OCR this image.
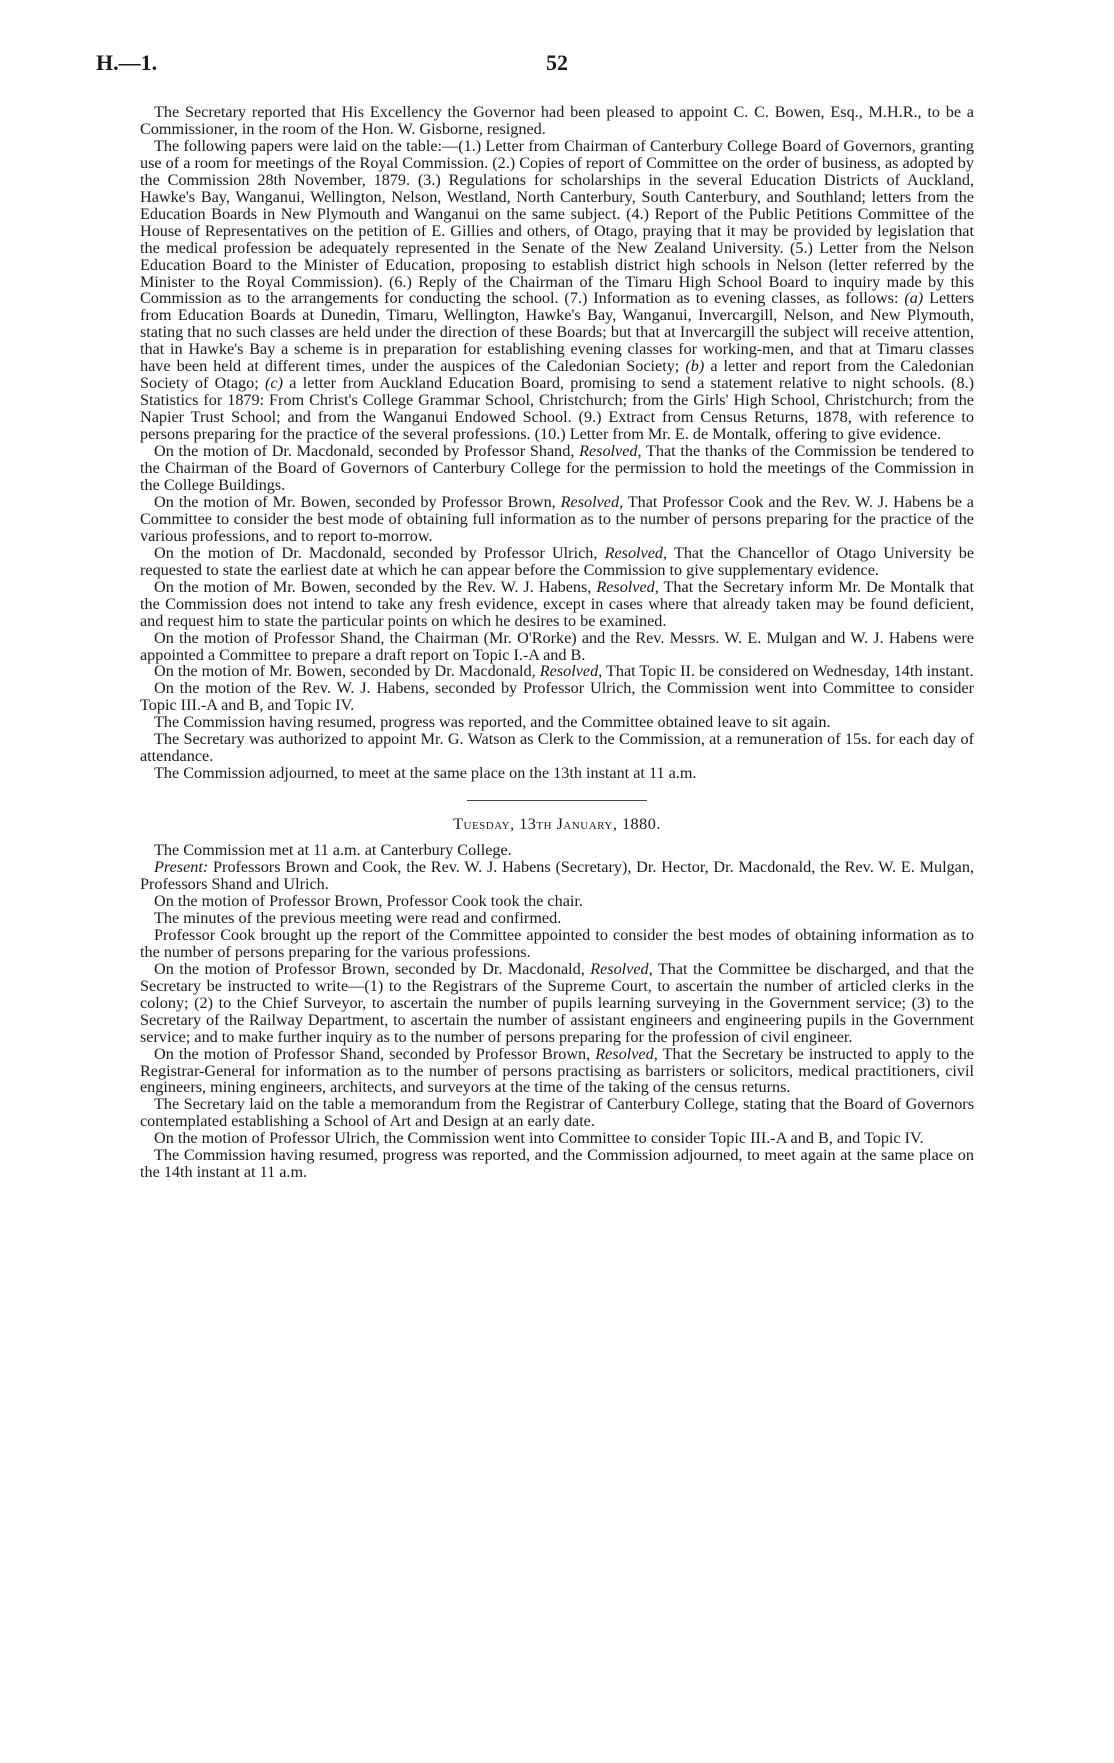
H.—1.	52

The Secretary reported that His Excellency the Governor had been pleased to appoint C. C. Bowen, Esq., M.H.R., to be a Commissioner, in the room of the Hon. W. Gisborne, resigned.

The following papers were laid on the table:—(1.) Letter from Chairman of Canterbury College Board of Governors, granting use of a room for meetings of the Royal Commission. (2.) Copies of report of Committee on the order of business, as adopted by the Commission 28th November, 1879. (3.) Regulations for scholarships in the several Education Districts of Auckland, Hawke's Bay, Wanganui, Wellington, Nelson, Westland, North Canterbury, South Canterbury, and Southland; letters from the Education Boards in New Plymouth and Wanganui on the same subject. (4.) Report of the Public Petitions Committee of the House of Representatives on the petition of E. Gillies and others, of Otago, praying that it may be provided by legislation that the medical profession be adequately represented in the Senate of the New Zealand University. (5.) Letter from the Nelson Education Board to the Minister of Education, proposing to establish district high schools in Nelson (letter referred by the Minister to the Royal Commission). (6.) Reply of the Chairman of the Timaru High School Board to inquiry made by this Commission as to the arrangements for conducting the school. (7.) Information as to evening classes, as follows: (a) Letters from Education Boards at Dunedin, Timaru, Wellington, Hawke's Bay, Wanganui, Invercargill, Nelson, and New Plymouth, stating that no such classes are held under the direction of these Boards; but that at Invercargill the subject will receive attention, that in Hawke's Bay a scheme is in preparation for establishing evening classes for working-men, and that at Timaru classes have been held at different times, under the auspices of the Caledonian Society; (b) a letter and report from the Caledonian Society of Otago; (c) a letter from Auckland Education Board, promising to send a statement relative to night schools. (8.) Statistics for 1879: From Christ's College Grammar School, Christchurch; from the Girls' High School, Christchurch; from the Napier Trust School; and from the Wanganui Endowed School. (9.) Extract from Census Returns, 1878, with reference to persons preparing for the practice of the several professions. (10.) Letter from Mr. E. de Montalk, offering to give evidence.

On the motion of Dr. Macdonald, seconded by Professor Shand, Resolved, That the thanks of the Commission be tendered to the Chairman of the Board of Governors of Canterbury College for the permission to hold the meetings of the Commission in the College Buildings.

On the motion of Mr. Bowen, seconded by Professor Brown, Resolved, That Professor Cook and the Rev. W. J. Habens be a Committee to consider the best mode of obtaining full information as to the number of persons preparing for the practice of the various professions, and to report to-morrow.

On the motion of Dr. Macdonald, seconded by Professor Ulrich, Resolved, That the Chancellor of Otago University be requested to state the earliest date at which he can appear before the Commission to give supplementary evidence.

On the motion of Mr. Bowen, seconded by the Rev. W. J. Habens, Resolved, That the Secretary inform Mr. De Montalk that the Commission does not intend to take any fresh evidence, except in cases where that already taken may be found deficient, and request him to state the particular points on which he desires to be examined.

On the motion of Professor Shand, the Chairman (Mr. O'Rorke) and the Rev. Messrs. W. E. Mulgan and W. J. Habens were appointed a Committee to prepare a draft report on Topic I.-A and B.

On the motion of Mr. Bowen, seconded by Dr. Macdonald, Resolved, That Topic II. be considered on Wednesday, 14th instant.

On the motion of the Rev. W. J. Habens, seconded by Professor Ulrich, the Commission went into Committee to consider Topic III.-A and B, and Topic IV.

The Commission having resumed, progress was reported, and the Committee obtained leave to sit again.

The Secretary was authorized to appoint Mr. G. Watson as Clerk to the Commission, at a remuneration of 15s. for each day of attendance.

The Commission adjourned, to meet at the same place on the 13th instant at 11 a.m.

Tuesday, 13th January, 1880.

The Commission met at 11 a.m. at Canterbury College.

Present: Professors Brown and Cook, the Rev. W. J. Habens (Secretary), Dr. Hector, Dr. Macdonald, the Rev. W. E. Mulgan, Professors Shand and Ulrich.

On the motion of Professor Brown, Professor Cook took the chair.

The minutes of the previous meeting were read and confirmed.

Professor Cook brought up the report of the Committee appointed to consider the best modes of obtaining information as to the number of persons preparing for the various professions.

On the motion of Professor Brown, seconded by Dr. Macdonald, Resolved, That the Committee be discharged, and that the Secretary be instructed to write—(1) to the Registrars of the Supreme Court, to ascertain the number of articled clerks in the colony; (2) to the Chief Surveyor, to ascertain the number of pupils learning surveying in the Government service; (3) to the Secretary of the Railway Department, to ascertain the number of assistant engineers and engineering pupils in the Government service; and to make further inquiry as to the number of persons preparing for the profession of civil engineer.

On the motion of Professor Shand, seconded by Professor Brown, Resolved, That the Secretary be instructed to apply to the Registrar-General for information as to the number of persons practising as barristers or solicitors, medical practitioners, civil engineers, mining engineers, architects, and surveyors at the time of the taking of the census returns.

The Secretary laid on the table a memorandum from the Registrar of Canterbury College, stating that the Board of Governors contemplated establishing a School of Art and Design at an early date.

On the motion of Professor Ulrich, the Commission went into Committee to consider Topic III.-A and B, and Topic IV.

The Commission having resumed, progress was reported, and the Commission adjourned, to meet again at the same place on the 14th instant at 11 a.m.
